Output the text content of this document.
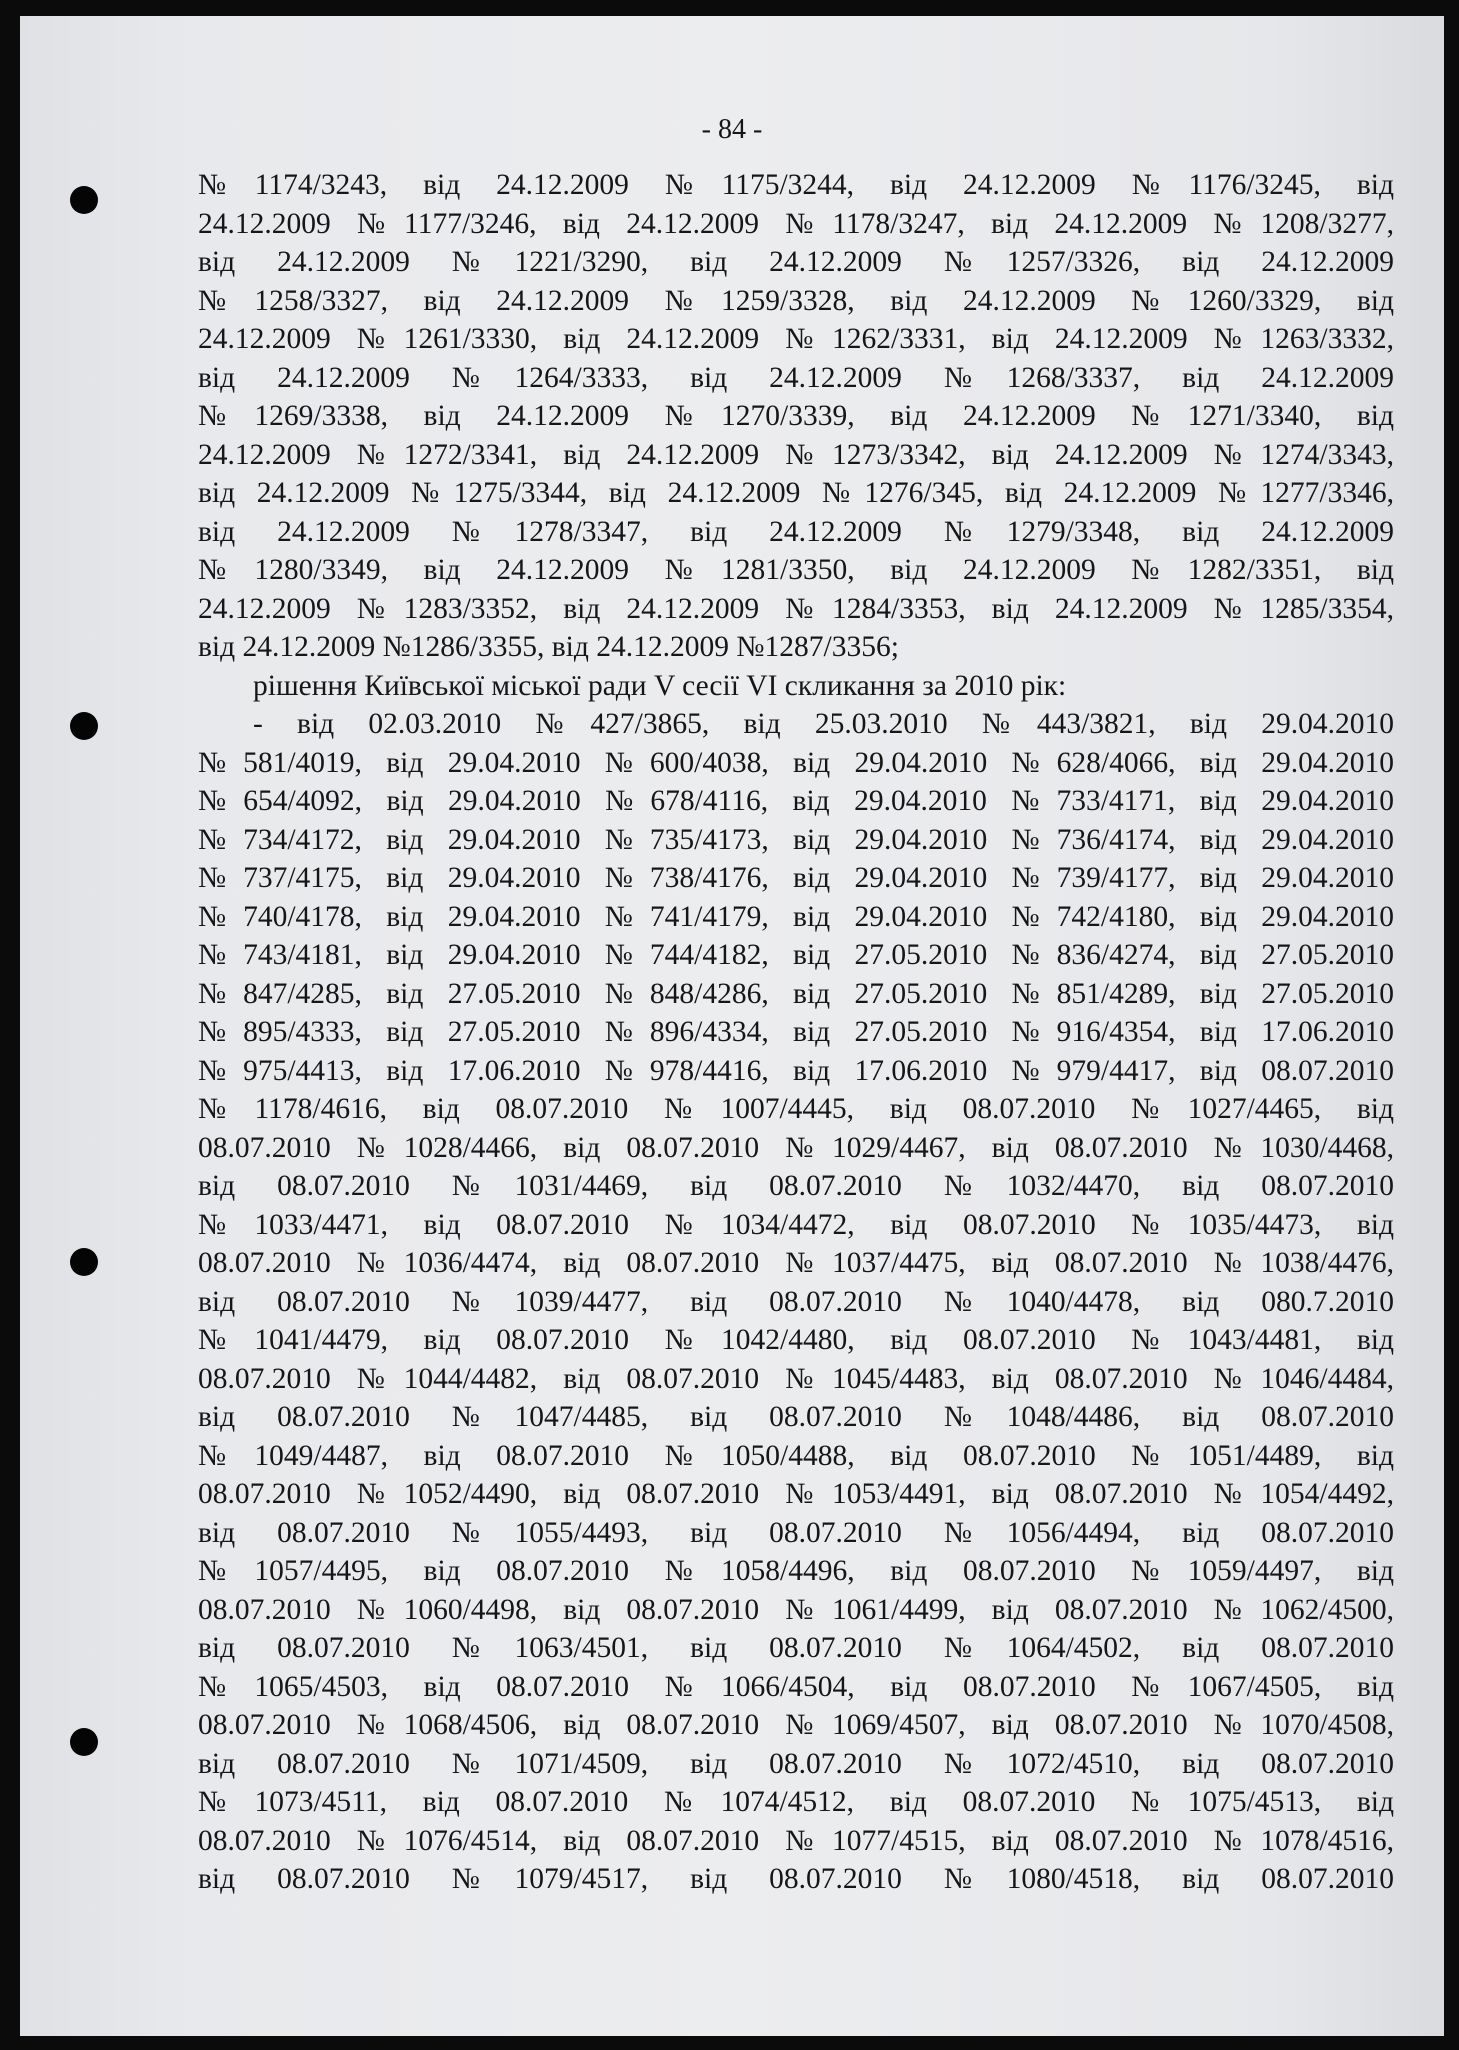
- 84 -
№1174/3243, від 24.12.2009 №1175/3244, від 24.12.2009 №1176/3245, від
24.12.2009 №1177/3246, від 24.12.2009 №1178/3247, від 24.12.2009 №1208/3277,
від 24.12.2009 №1221/3290, від 24.12.2009 №1257/3326, від 24.12.2009
№1258/3327, від 24.12.2009 №1259/3328, від 24.12.2009 №1260/3329, від
24.12.2009 №1261/3330, від 24.12.2009 №1262/3331, від 24.12.2009 №1263/3332,
від 24.12.2009 №1264/3333, від 24.12.2009 №1268/3337, від 24.12.2009
№1269/3338, від 24.12.2009 №1270/3339, від 24.12.2009 №1271/3340, від
24.12.2009 №1272/3341, від 24.12.2009 №1273/3342, від 24.12.2009 №1274/3343,
від 24.12.2009 №1275/3344, від 24.12.2009 №1276/345, від 24.12.2009 №1277/3346,
від 24.12.2009 №1278/3347, від 24.12.2009 №1279/3348, від 24.12.2009
№1280/3349, від 24.12.2009 №1281/3350, від 24.12.2009 №1282/3351, від
24.12.2009 №1283/3352, від 24.12.2009 №1284/3353, від 24.12.2009 №1285/3354,
від 24.12.2009 №1286/3355, від 24.12.2009 №1287/3356;
рішення Київської міської ради V сесії VI скликання за 2010 рік:
- від 02.03.2010 №427/3865, від 25.03.2010 №443/3821, від 29.04.2010
№581/4019, від 29.04.2010 №600/4038, від 29.04.2010 №628/4066, від 29.04.2010
№654/4092, від 29.04.2010 №678/4116, від 29.04.2010 №733/4171, від 29.04.2010
№734/4172, від 29.04.2010 №735/4173, від 29.04.2010 №736/4174, від 29.04.2010
№737/4175, від 29.04.2010 №738/4176, від 29.04.2010 №739/4177, від 29.04.2010
№740/4178, від 29.04.2010 №741/4179, від 29.04.2010 №742/4180, від 29.04.2010
№743/4181, від 29.04.2010 №744/4182, від 27.05.2010 №836/4274, від 27.05.2010
№847/4285, від 27.05.2010 №848/4286, від 27.05.2010 №851/4289, від 27.05.2010
№895/4333, від 27.05.2010 №896/4334, від 27.05.2010 №916/4354, від 17.06.2010
№975/4413, від 17.06.2010 №978/4416, від 17.06.2010 №979/4417, від 08.07.2010
№1178/4616, від 08.07.2010 №1007/4445, від 08.07.2010 №1027/4465, від
08.07.2010 №1028/4466, від 08.07.2010 №1029/4467, від 08.07.2010 №1030/4468,
від 08.07.2010 №1031/4469, від 08.07.2010 №1032/4470, від 08.07.2010
№1033/4471, від 08.07.2010 №1034/4472, від 08.07.2010 №1035/4473, від
08.07.2010 №1036/4474, від 08.07.2010 №1037/4475, від 08.07.2010 №1038/4476,
від 08.07.2010 №1039/4477, від 08.07.2010 №1040/4478, від 080.7.2010
№1041/4479, від 08.07.2010 №1042/4480, від 08.07.2010 №1043/4481, від
08.07.2010 №1044/4482, від 08.07.2010 №1045/4483, від 08.07.2010 №1046/4484,
від 08.07.2010 №1047/4485, від 08.07.2010 №1048/4486, від 08.07.2010
№1049/4487, від 08.07.2010 №1050/4488, від 08.07.2010 №1051/4489, від
08.07.2010 №1052/4490, від 08.07.2010 №1053/4491, від 08.07.2010 №1054/4492,
від 08.07.2010 №1055/4493, від 08.07.2010 №1056/4494, від 08.07.2010
№1057/4495, від 08.07.2010 №1058/4496, від 08.07.2010 №1059/4497, від
08.07.2010 №1060/4498, від 08.07.2010 №1061/4499, від 08.07.2010 №1062/4500,
від 08.07.2010 №1063/4501, від 08.07.2010 №1064/4502, від 08.07.2010
№1065/4503, від 08.07.2010 №1066/4504, від 08.07.2010 №1067/4505, від
08.07.2010 №1068/4506, від 08.07.2010 №1069/4507, від 08.07.2010 №1070/4508,
від 08.07.2010 №1071/4509, від 08.07.2010 №1072/4510, від 08.07.2010
№1073/4511, від 08.07.2010 №1074/4512, від 08.07.2010 №1075/4513, від
08.07.2010 №1076/4514, від 08.07.2010 №1077/4515, від 08.07.2010 №1078/4516,
від 08.07.2010 №1079/4517, від 08.07.2010 №1080/4518, від 08.07.2010
